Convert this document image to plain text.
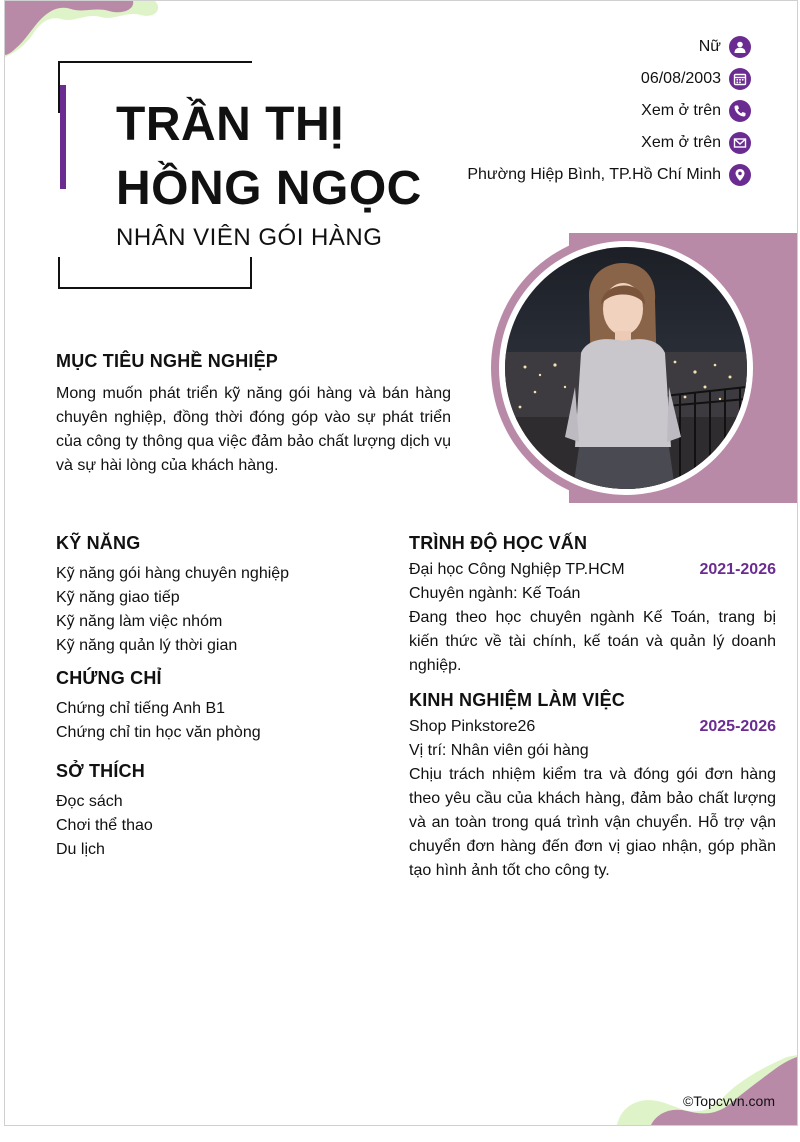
TRẦN THỊ
HỒNG NGỌC
NHÂN VIÊN GÓI HÀNG
Nữ
06/08/2003
Xem ở trên
Xem ở trên
Phường Hiệp Bình, TP.Hồ Chí Minh
MỤC TIÊU NGHỀ NGHIỆP

Mong muốn phát triển kỹ năng gói hàng và bán hàng chuyên nghiệp, đồng thời đóng góp vào sự phát triển của công ty thông qua việc đảm bảo chất lượng dịch vụ và sự hài lòng của khách hàng.

KỸ NĂNG
Kỹ năng gói hàng chuyên nghiệp
Kỹ năng giao tiếp
Kỹ năng làm việc nhóm
Kỹ năng quản lý thời gian
CHỨNG CHỈ
Chứng chỉ tiếng Anh B1
Chứng chỉ tin học văn phòng
SỞ THÍCH
Đọc sách
Chơi thể thao
Du lịch
TRÌNH ĐỘ HỌC VẤN
Đại học Công Nghiệp TP.HCM	2021-2026
Chuyên ngành: Kế Toán
Đang theo học chuyên ngành Kế Toán, trang bị kiến thức về tài chính, kế toán và quản lý doanh nghiệp.
KINH NGHIỆM LÀM VIỆC
Shop Pinkstore26	2025-2026
Vị trí: Nhân viên gói hàng
Chịu trách nhiệm kiểm tra và đóng gói đơn hàng theo yêu cầu của khách hàng, đảm bảo chất lượng và an toàn trong quá trình vận chuyển. Hỗ trợ vận chuyển đơn hàng đến đơn vị giao nhận, góp phần tạo hình ảnh tốt cho công ty.
©Topcvvn.com
